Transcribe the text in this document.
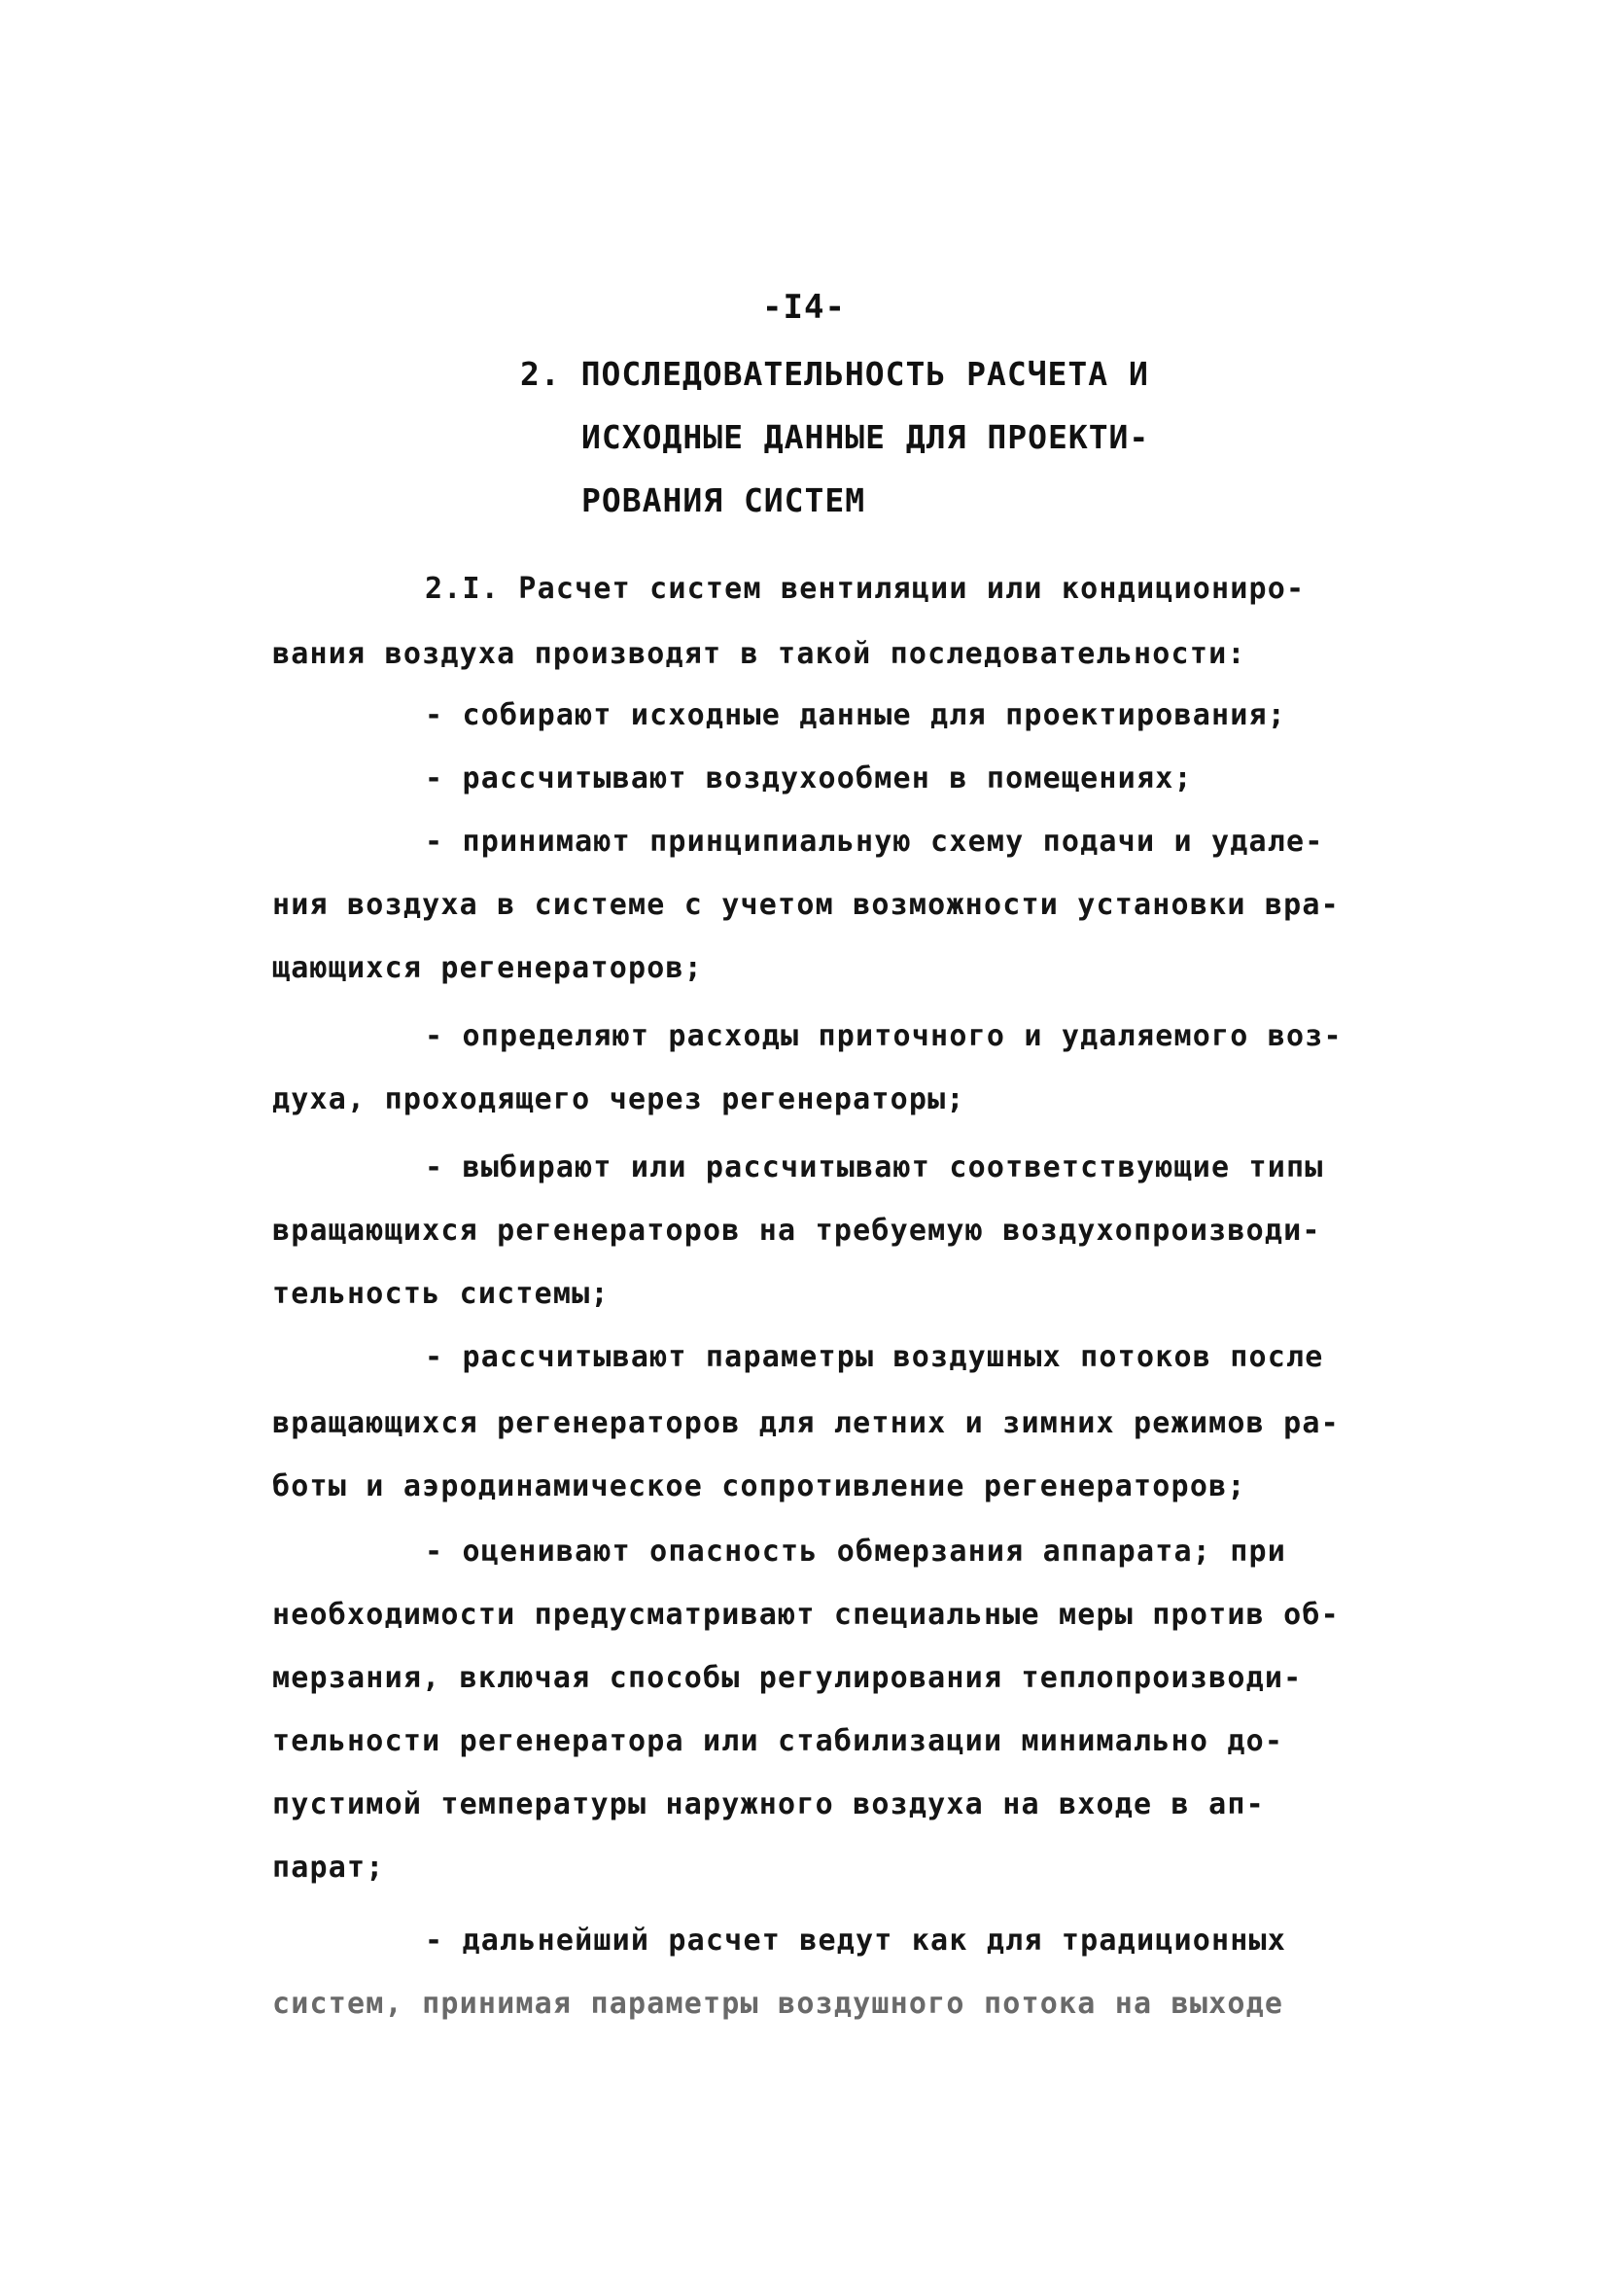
-I4-
2. ПОСЛЕДОВАТЕЛЬНОСТЬ РАСЧЕТА И
ИСХОДНЫЕ ДАННЫЕ ДЛЯ ПРОЕКТИ-
РОВАНИЯ СИСТЕМ
2.I. Расчет систем вентиляции или кондициониро-
вания воздуха производят в такой последовательности:
- собирают исходные данные для проектирования;
- рассчитывают воздухообмен в помещениях;
- принимают принципиальную схему подачи и удале-
ния воздуха в системе с учетом возможности установки вра-
щающихся регенераторов;
- определяют расходы приточного и удаляемого воз-
духа, проходящего через регенераторы;
- выбирают или рассчитывают соответствующие типы
вращающихся регенераторов на требуемую воздухопроизводи-
тельность системы;
- рассчитывают параметры воздушных потоков после
вращающихся регенераторов для летних и зимних режимов ра-
боты и аэродинамическое сопротивление регенераторов;
- оценивают опасность обмерзания аппарата; при
необходимости предусматривают специальные меры против об-
мерзания, включая способы регулирования теплопроизводи-
тельности регенератора или стабилизации минимально до-
пустимой температуры наружного воздуха на входе в ап-
парат;
- дальнейший расчет ведут как для традиционных
систем, принимая параметры воздушного потока на выходе
